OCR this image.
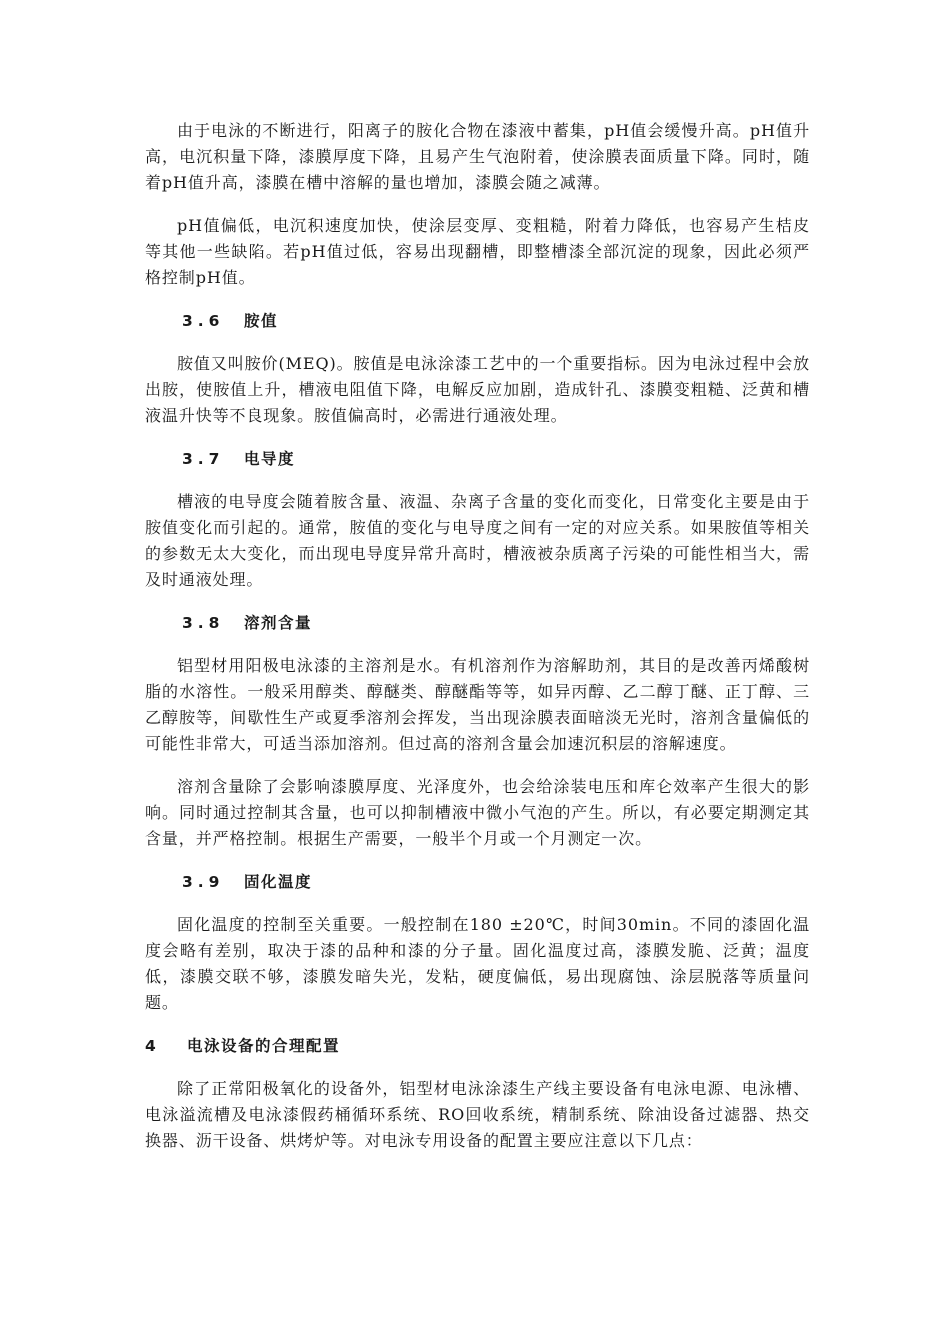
由于电泳的不断进行，阳离子的胺化合物在漆液中蓄集，pH值会缓慢升高。pH值升高，电沉积量下降，漆膜厚度下降，且易产生气泡附着，使涂膜表面质量下降。同时，随着pH值升高，漆膜在槽中溶解的量也增加，漆膜会随之减薄。

pH值偏低，电沉积速度加快，使涂层变厚、变粗糙，附着力降低，也容易产生桔皮等其他一些缺陷。若pH值过低，容易出现翻槽，即整槽漆全部沉淀的现象，因此必须严格控制pH值。

3.6 胺值

胺值又叫胺价(MEQ)。胺值是电泳涂漆工艺中的一个重要指标。因为电泳过程中会放出胺，使胺值上升，槽液电阻值下降，电解反应加剧，造成针孔、漆膜变粗糙、泛黄和槽液温升快等不良现象。胺值偏高时，必需进行通液处理。

3.7 电导度

槽液的电导度会随着胺含量、液温、杂离子含量的变化而变化，日常变化主要是由于胺值变化而引起的。通常，胺值的变化与电导度之间有一定的对应关系。如果胺值等相关的参数无太大变化，而出现电导度异常升高时，槽液被杂质离子污染的可能性相当大，需及时通液处理。

3.8 溶剂含量

铝型材用阳极电泳漆的主溶剂是水。有机溶剂作为溶解助剂，其目的是改善丙烯酸树脂的水溶性。一般采用醇类、醇醚类、醇醚酯等等，如异丙醇、乙二醇丁醚、正丁醇、三乙醇胺等，间歇性生产或夏季溶剂会挥发，当出现涂膜表面暗淡无光时，溶剂含量偏低的可能性非常大，可适当添加溶剂。但过高的溶剂含量会加速沉积层的溶解速度。

溶剂含量除了会影响漆膜厚度、光泽度外，也会给涂装电压和库仑效率产生很大的影响。同时通过控制其含量，也可以抑制槽液中微小气泡的产生。所以，有必要定期测定其含量，并严格控制。根据生产需要，一般半个月或一个月测定一次。

3.9 固化温度

固化温度的控制至关重要。一般控制在180 ±20℃，时间30min。不同的漆固化温度会略有差别，取决于漆的品种和漆的分子量。固化温度过高，漆膜发脆、泛黄；温度低，漆膜交联不够，漆膜发暗失光，发粘，硬度偏低，易出现腐蚀、涂层脱落等质量问题。

4 电泳设备的合理配置

除了正常阳极氧化的设备外，铝型材电泳涂漆生产线主要设备有电泳电源、电泳槽、电泳溢流槽及电泳漆假药桶循环系统、RO回收系统，精制系统、除油设备过滤器、热交换器、沥干设备、烘烤炉等。对电泳专用设备的配置主要应注意以下几点：
